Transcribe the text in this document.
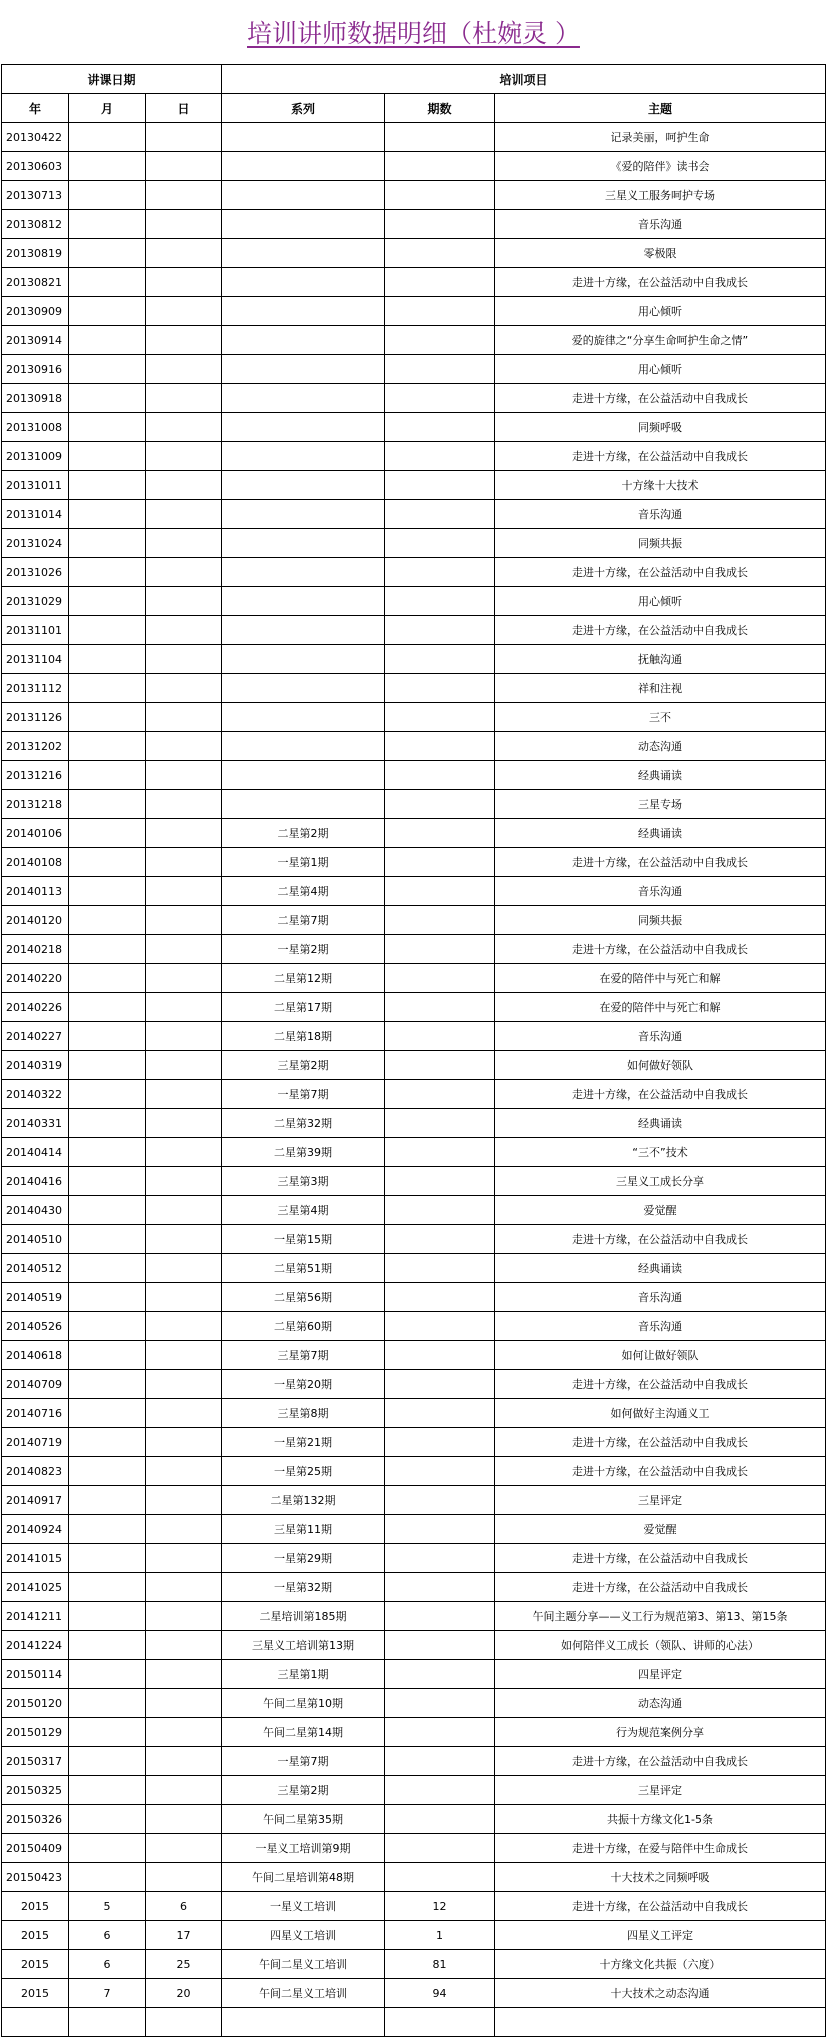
培训讲师数据明细（杜婉灵 ）
讲课日期			培训项目		
年	月	日	系列	期数	主题
20130422					记录美丽，呵护生命
20130603					《爱的陪伴》读书会
20130713					三星义工服务呵护专场
20130812					音乐沟通
20130819					零极限
20130821					走进十方缘，在公益活动中自我成长
20130909					用心倾听
20130914					爱的旋律之“分享生命呵护生命之情”
20130916					用心倾听
20130918					走进十方缘，在公益活动中自我成长
20131008					同频呼吸
20131009					走进十方缘，在公益活动中自我成长
20131011					十方缘十大技术
20131014					音乐沟通
20131024					同频共振
20131026					走进十方缘，在公益活动中自我成长
20131029					用心倾听
20131101					走进十方缘，在公益活动中自我成长
20131104					抚触沟通
20131112					祥和注视
20131126					三不
20131202					动态沟通
20131216					经典诵读
20131218					三星专场
20140106			二星第2期		经典诵读
20140108			一星第1期		走进十方缘，在公益活动中自我成长
20140113			二星第4期		音乐沟通
20140120			二星第7期		同频共振
20140218			一星第2期		走进十方缘，在公益活动中自我成长
20140220			二星第12期		在爱的陪伴中与死亡和解
20140226			二星第17期		在爱的陪伴中与死亡和解
20140227			二星第18期		音乐沟通
20140319			三星第2期		如何做好领队
20140322			一星第7期		走进十方缘，在公益活动中自我成长
20140331			二星第32期		经典诵读
20140414			二星第39期		“三不”技术
20140416			三星第3期		三星义工成长分享
20140430			三星第4期		爱觉醒
20140510			一星第15期		走进十方缘，在公益活动中自我成长
20140512			二星第51期		经典诵读
20140519			二星第56期		音乐沟通
20140526			二星第60期		音乐沟通
20140618			三星第7期		如何让做好领队
20140709			一星第20期		走进十方缘，在公益活动中自我成长
20140716			三星第8期		如何做好主沟通义工
20140719			一星第21期		走进十方缘，在公益活动中自我成长
20140823			一星第25期		走进十方缘，在公益活动中自我成长
20140917			二星第132期		三星评定
20140924			三星第11期		爱觉醒
20141015			一星第29期		走进十方缘，在公益活动中自我成长
20141025			一星第32期		走进十方缘，在公益活动中自我成长
20141211			二星培训第185期		午间主题分享——义工行为规范第3、第13、第15条
20141224			三星义工培训第13期		如何陪伴义工成长（领队、讲师的心法）
20150114			三星第1期		四星评定
20150120			午间二星第10期		动态沟通
20150129			午间二星第14期		行为规范案例分享
20150317			一星第7期		走进十方缘，在公益活动中自我成长
20150325			三星第2期		三星评定
20150326			午间二星第35期		共振十方缘文化1-5条
20150409			一星义工培训第9期		走进十方缘，在爱与陪伴中生命成长
20150423			午间二星培训第48期		十大技术之同频呼吸
2015	5	6	一星义工培训	12	走进十方缘，在公益活动中自我成长
2015	6	17	四星义工培训	1	四星义工评定
2015	6	25	午间二星义工培训	81	十方缘文化共振（六度）
2015	7	20	午间二星义工培训	94	十大技术之动态沟通
